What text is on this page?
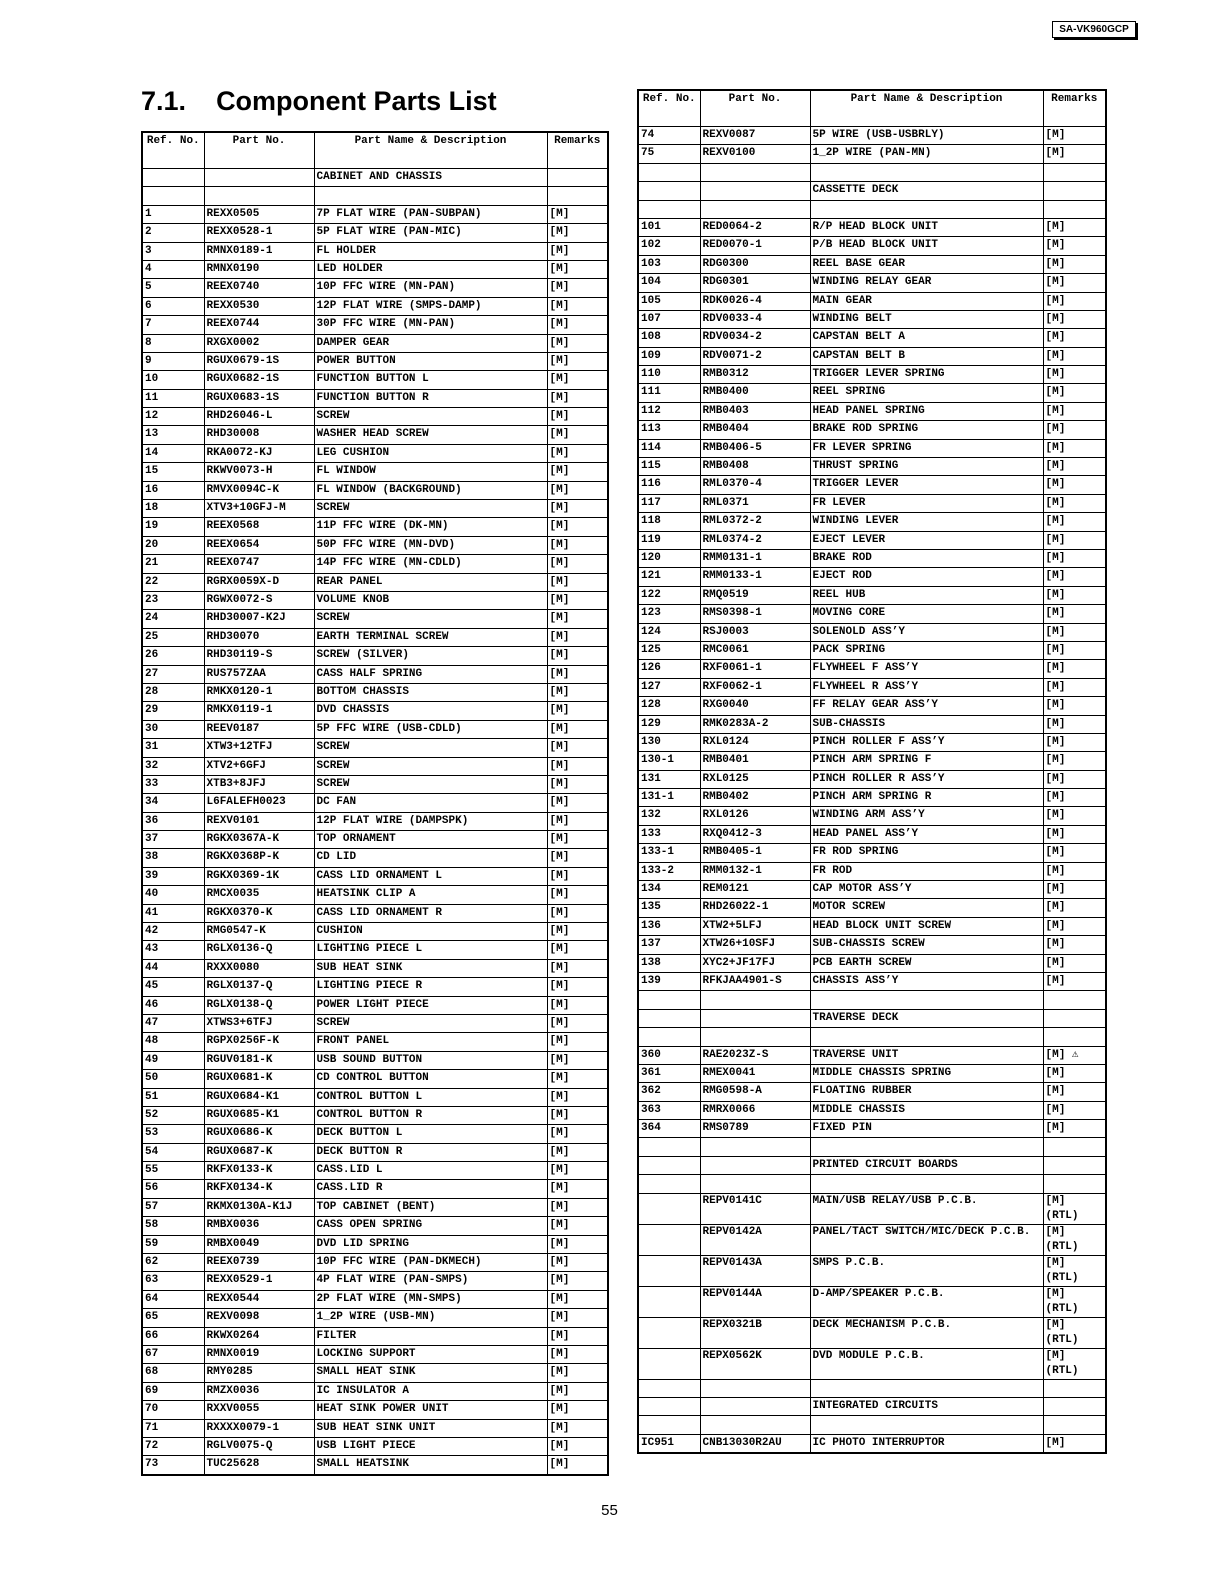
SA-VK960GCP
7.1. Component Parts List
Ref. No.	Part No.	Part Name & Description	Remarks
		CABINET AND CHASSIS	

1	REXX0505	7P FLAT WIRE (PAN-SUBPAN)	[M]
2	REXX0528-1	5P FLAT WIRE (PAN-MIC)	[M]
3	RMNX0189-1	FL HOLDER	[M]
4	RMNX0190	LED HOLDER	[M]
5	REEX0740	10P FFC WIRE (MN-PAN)	[M]
6	REXX0530	12P FLAT WIRE (SMPS-DAMP)	[M]
7	REEX0744	30P FFC WIRE (MN-PAN)	[M]
8	RXGX0002	DAMPER GEAR	[M]
9	RGUX0679-1S	POWER BUTTON	[M]
10	RGUX0682-1S	FUNCTION BUTTON L	[M]
11	RGUX0683-1S	FUNCTION BUTTON R	[M]
12	RHD26046-L	SCREW	[M]
13	RHD30008	WASHER HEAD SCREW	[M]
14	RKA0072-KJ	LEG CUSHION	[M]
15	RKWV0073-H	FL WINDOW	[M]
16	RMVX0094C-K	FL WINDOW (BACKGROUND)	[M]
18	XTV3+10GFJ-M	SCREW	[M]
19	REEX0568	11P FFC WIRE (DK-MN)	[M]
20	REEX0654	50P FFC WIRE (MN-DVD)	[M]
21	REEX0747	14P FFC WIRE (MN-CDLD)	[M]
22	RGRX0059X-D	REAR PANEL	[M]
23	RGWX0072-S	VOLUME KNOB	[M]
24	RHD30007-K2J	SCREW	[M]
25	RHD30070	EARTH TERMINAL SCREW	[M]
26	RHD30119-S	SCREW (SILVER)	[M]
27	RUS757ZAA	CASS HALF SPRING	[M]
28	RMKX0120-1	BOTTOM CHASSIS	[M]
29	RMKX0119-1	DVD CHASSIS	[M]
30	REEV0187	5P FFC WIRE (USB-CDLD)	[M]
31	XTW3+12TFJ	SCREW	[M]
32	XTV2+6GFJ	SCREW	[M]
33	XTB3+8JFJ	SCREW	[M]
34	L6FALEFH0023	DC FAN	[M]
36	REXV0101	12P FLAT WIRE (DAMPSPK)	[M]
37	RGKX0367A-K	TOP ORNAMENT	[M]
38	RGKX0368P-K	CD LID	[M]
39	RGKX0369-1K	CASS LID ORNAMENT L	[M]
40	RMCX0035	HEATSINK CLIP A	[M]
41	RGKX0370-K	CASS LID ORNAMENT R	[M]
42	RMG0547-K	CUSHION	[M]
43	RGLX0136-Q	LIGHTING PIECE L	[M]
44	RXXX0080	SUB HEAT SINK	[M]
45	RGLX0137-Q	LIGHTING PIECE R	[M]
46	RGLX0138-Q	POWER LIGHT PIECE	[M]
47	XTWS3+6TFJ	SCREW	[M]
48	RGPX0256F-K	FRONT PANEL	[M]
49	RGUV0181-K	USB SOUND BUTTON	[M]
50	RGUX0681-K	CD CONTROL BUTTON	[M]
51	RGUX0684-K1	CONTROL BUTTON L	[M]
52	RGUX0685-K1	CONTROL BUTTON R	[M]
53	RGUX0686-K	DECK BUTTON L	[M]
54	RGUX0687-K	DECK BUTTON R	[M]
55	RKFX0133-K	CASS.LID L	[M]
56	RKFX0134-K	CASS.LID R	[M]
57	RKMX0130A-K1J	TOP CABINET (BENT)	[M]
58	RMBX0036	CASS OPEN SPRING	[M]
59	RMBX0049	DVD LID SPRING	[M]
62	REEX0739	10P FFC WIRE (PAN-DKMECH)	[M]
63	REXX0529-1	4P FLAT WIRE (PAN-SMPS)	[M]
64	REXX0544	2P FLAT WIRE (MN-SMPS)	[M]
65	REXV0098	1_2P WIRE (USB-MN)	[M]
66	RKWX0264	FILTER	[M]
67	RMNX0019	LOCKING SUPPORT	[M]
68	RMY0285	SMALL HEAT SINK	[M]
69	RMZX0036	IC INSULATOR A	[M]
70	RXXV0055	HEAT SINK POWER UNIT	[M]
71	RXXXX0079-1	SUB HEAT SINK UNIT	[M]
72	RGLV0075-Q	USB LIGHT PIECE	[M]
73	TUC25628	SMALL HEATSINK	[M]
Ref. No.	Part No.	Part Name & Description	Remarks
74	REXV0087	5P WIRE (USB-USBRLY)	[M]
75	REXV0100	1_2P WIRE (PAN-MN)	[M]

		CASSETTE DECK	

101	RED0064-2	R/P HEAD BLOCK UNIT	[M]
102	RED0070-1	P/B HEAD BLOCK UNIT	[M]
103	RDG0300	REEL BASE GEAR	[M]
104	RDG0301	WINDING RELAY GEAR	[M]
105	RDK0026-4	MAIN GEAR	[M]
107	RDV0033-4	WINDING BELT	[M]
108	RDV0034-2	CAPSTAN BELT A	[M]
109	RDV0071-2	CAPSTAN BELT B	[M]
110	RMB0312	TRIGGER LEVER SPRING	[M]
111	RMB0400	REEL SPRING	[M]
112	RMB0403	HEAD PANEL SPRING	[M]
113	RMB0404	BRAKE ROD SPRING	[M]
114	RMB0406-5	FR LEVER SPRING	[M]
115	RMB0408	THRUST SPRING	[M]
116	RML0370-4	TRIGGER LEVER	[M]
117	RML0371	FR LEVER	[M]
118	RML0372-2	WINDING LEVER	[M]
119	RML0374-2	EJECT LEVER	[M]
120	RMM0131-1	BRAKE ROD	[M]
121	RMM0133-1	EJECT ROD	[M]
122	RMQ0519	REEL HUB	[M]
123	RMS0398-1	MOVING CORE	[M]
124	RSJ0003	SOLENOLD ASS’Y	[M]
125	RMC0061	PACK SPRING	[M]
126	RXF0061-1	FLYWHEEL F ASS’Y	[M]
127	RXF0062-1	FLYWHEEL R ASS’Y	[M]
128	RXG0040	FF RELAY GEAR ASS’Y	[M]
129	RMK0283A-2	SUB-CHASSIS	[M]
130	RXL0124	PINCH ROLLER F ASS’Y	[M]
130-1	RMB0401	PINCH ARM SPRING F	[M]
131	RXL0125	PINCH ROLLER R ASS’Y	[M]
131-1	RMB0402	PINCH ARM SPRING R	[M]
132	RXL0126	WINDING ARM ASS’Y	[M]
133	RXQ0412-3	HEAD PANEL ASS’Y	[M]
133-1	RMB0405-1	FR ROD SPRING	[M]
133-2	RMM0132-1	FR ROD	[M]
134	REM0121	CAP MOTOR ASS’Y	[M]
135	RHD26022-1	MOTOR SCREW	[M]
136	XTW2+5LFJ	HEAD BLOCK UNIT SCREW	[M]
137	XTW26+10SFJ	SUB-CHASSIS SCREW	[M]
138	XYC2+JF17FJ	PCB EARTH SCREW	[M]
139	RFKJAA4901-S	CHASSIS ASS’Y	[M]

		TRAVERSE DECK	

360	RAE2023Z-S	TRAVERSE UNIT	[M] ⚠
361	RMEX0041	MIDDLE CHASSIS SPRING	[M]
362	RMG0598-A	FLOATING RUBBER	[M]
363	RMRX0066	MIDDLE CHASSIS	[M]
364	RMS0789	FIXED PIN	[M]

		PRINTED CIRCUIT BOARDS	

	REPV0141C	MAIN/USB RELAY/USB P.C.B.	[M] (RTL)
	REPV0142A	PANEL/TACT SWITCH/MIC/DECK P.C.B.	[M] (RTL)
	REPV0143A	SMPS P.C.B.	[M] (RTL)
	REPV0144A	D-AMP/SPEAKER P.C.B.	[M] (RTL)
	REPX0321B	DECK MECHANISM P.C.B.	[M] (RTL)
	REPX0562K	DVD MODULE P.C.B.	[M] (RTL)

		INTEGRATED CIRCUITS	

IC951	CNB13030R2AU	IC PHOTO INTERRUPTOR	[M]
55
